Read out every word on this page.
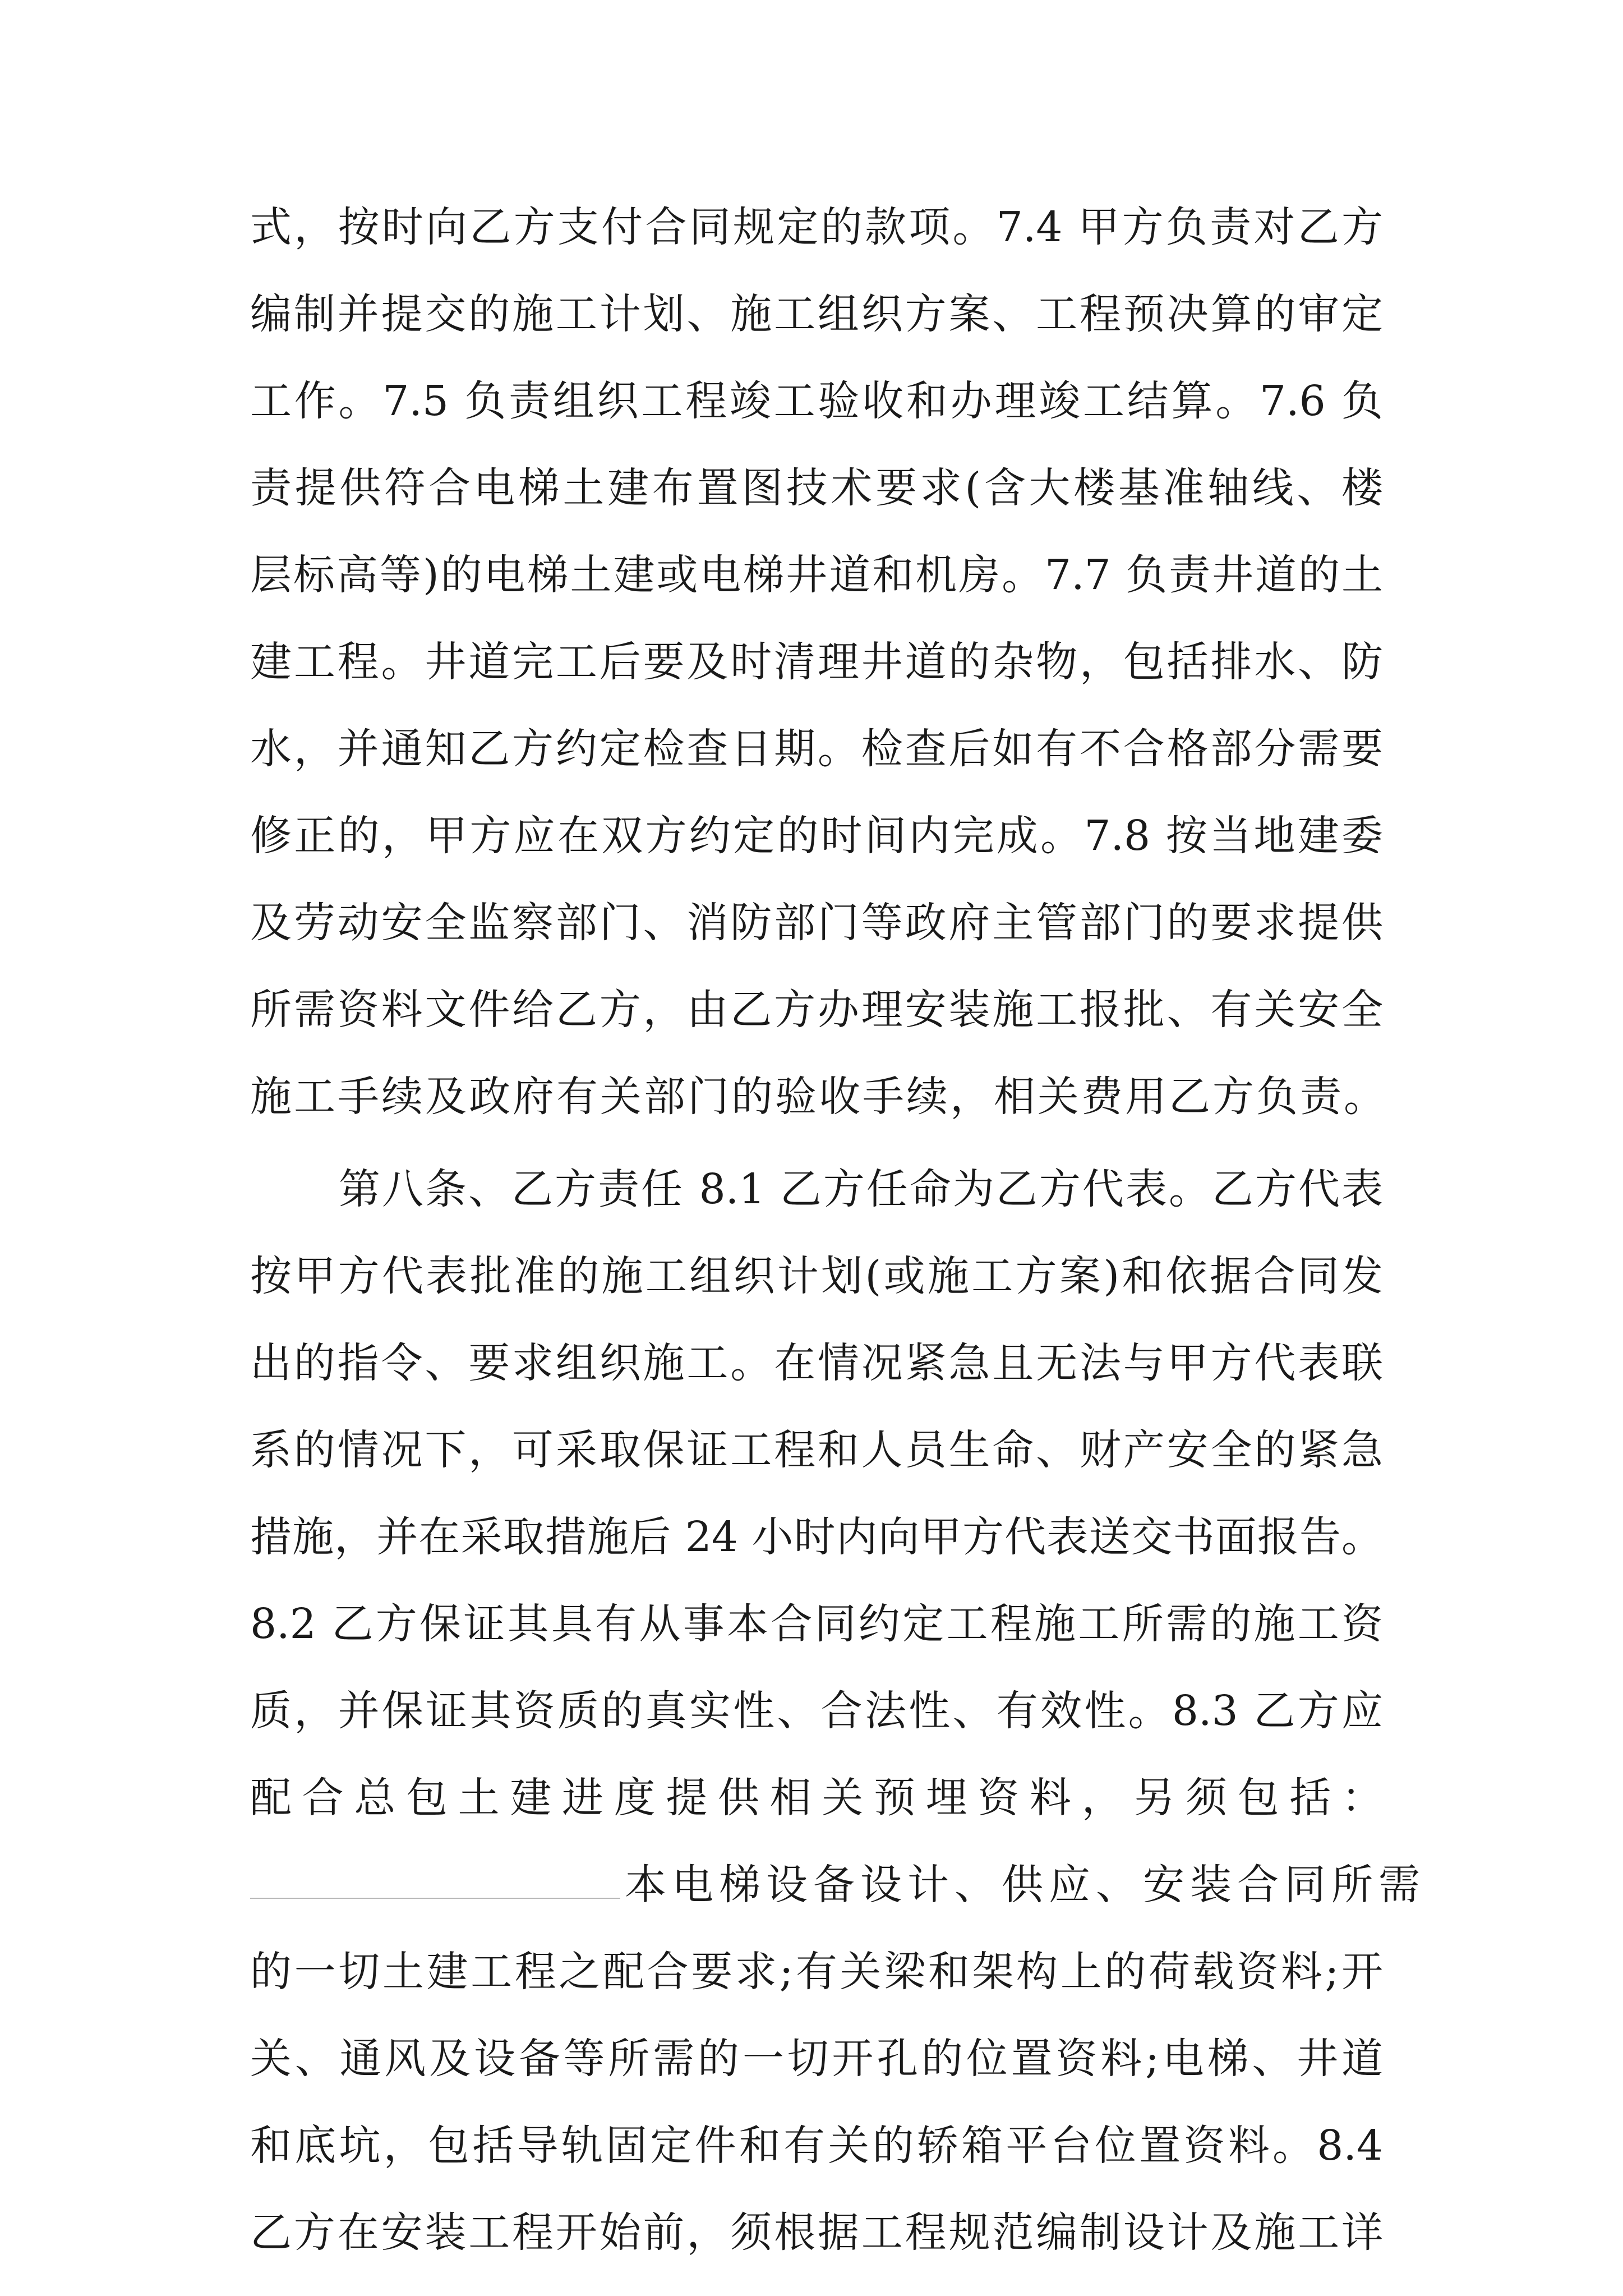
式，按时向乙方支付合同规定的款项。7.4 甲方负责对乙方
编制并提交的施工计划、施工组织方案、工程预决算的审定
工作。7.5 负责组织工程竣工验收和办理竣工结算。7.6 负
责提供符合电梯土建布置图技术要求(含大楼基准轴线、楼
层标高等)的电梯土建或电梯井道和机房。7.7 负责井道的土
建工程。井道完工后要及时清理井道的杂物，包括排水、防
水，并通知乙方约定检查日期。检查后如有不合格部分需要
修正的，甲方应在双方约定的时间内完成。7.8 按当地建委
及劳动安全监察部门、消防部门等政府主管部门的要求提供
所需资料文件给乙方，由乙方办理安装施工报批、有关安全
施工手续及政府有关部门的验收手续，相关费用乙方负责。
第八条、乙方责任 8.1 乙方任命为乙方代表。乙方代表
按甲方代表批准的施工组织计划(或施工方案)和依据合同发
出的指令、要求组织施工。在情况紧急且无法与甲方代表联
系的情况下，可采取保证工程和人员生命、财产安全的紧急
措施，并在采取措施后 24 小时内向甲方代表送交书面报告。
8.2 乙方保证其具有从事本合同约定工程施工所需的施工资
质，并保证其资质的真实性、合法性、有效性。8.3 乙方应
配合总包土建进度提供相关预埋资料，另须包括：
本电梯设备设计、供应、安装合同所需
的一切土建工程之配合要求;有关梁和架构上的荷载资料;开
关、通风及设备等所需的一切开孔的位置资料;电梯、井道
和底坑，包括导轨固定件和有关的轿箱平台位置资料。8.4
乙方在安装工程开始前，须根据工程规范编制设计及施工详
